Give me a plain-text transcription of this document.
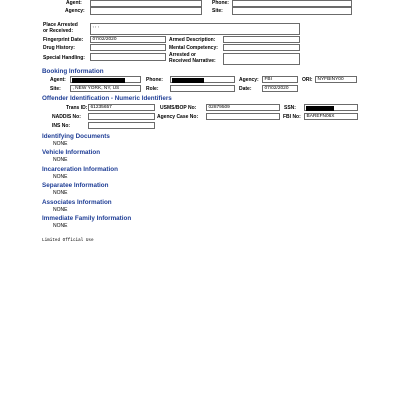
Agent:	Phone:
Agency:	Site:
Place Arrested
or Received:
, , ,
Fingerprint Date:	07/02/2020	Armed Description:
Drug History:	Mental Competency:
Special Handling:	Arrested or
Received Narrative:
Booking Information
Agent:	Phone:	Agency:	FBI	ORI:	NYFBINY00
Site:	, NEW YORK, NY, US	Role:	Date:	07/02/2020
Offender Identification - Numeric Identifiers
Trans ID: 61235657	USMS/BOP No:	02879509	SSN:
NADDIS No:	Agency Case No:	FBI No:	BAREFN06X
INS No:
Identifying Documents
NONE
Vehicle Information
NONE
Incarceration Information
NONE
Separatee Information
NONE
Associates Information
NONE
Immediate Family Information
NONE
Limited Official Use
